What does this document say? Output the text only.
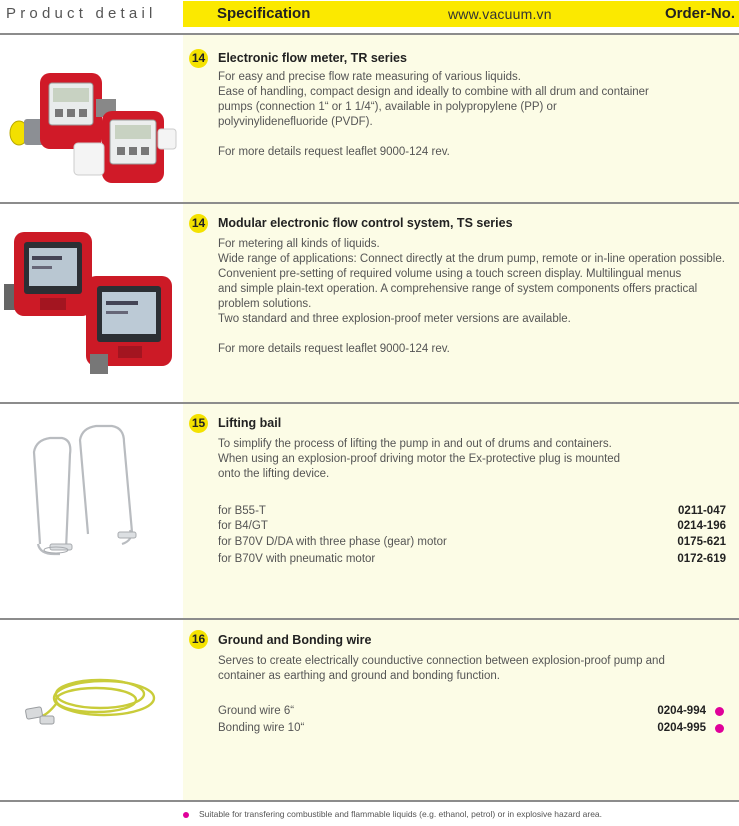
Product detail	Specification	www.vacuum.vn	Order-No.
14 Electronic flow meter, TR series

For easy and precise flow rate measuring of various liquids.

Ease of handling, compact design and ideally to combine with all drum and container

pumps (connection 1“ or 1 1/4“), available in polypropylene (PP) or

polyvinylidenefluoride (PVDF).

For more details request leaflet 9000-124 rev.

14 Modular electronic flow control system, TS series

For metering all kinds of liquids.

Wide range of applications: Connect directly at the drum pump, remote or in-line operation possible.

Convenient pre-setting of required volume using a touch screen display. Multilingual menus

and simple plain-text operation. A comprehensive range of system components offers practical

problem solutions.

Two standard and three explosion-proof meter versions are available.

For more details request leaflet 9000-124 rev.

15 Lifting bail

To simplify the process of lifting the pump in and out of drums and containers.

When using an explosion-proof driving motor the Ex-protective plug is mounted

onto the lifting device.

for B55-T	0211-047
for B4/GT	0214-196
for B70V D/DA with three phase (gear) motor	0175-621
for B70V with pneumatic motor	0172-619
16 Ground and Bonding wire

Serves to create electrically counductive connection between explosion-proof pump and

container as earthing and ground and bonding function.

Ground wire 6“	0204-994
Bonding wire 10“	0204-995
Suitable for transfering combustible and flammable liquids (e.g. ethanol, petrol) or in explosive hazard area.
